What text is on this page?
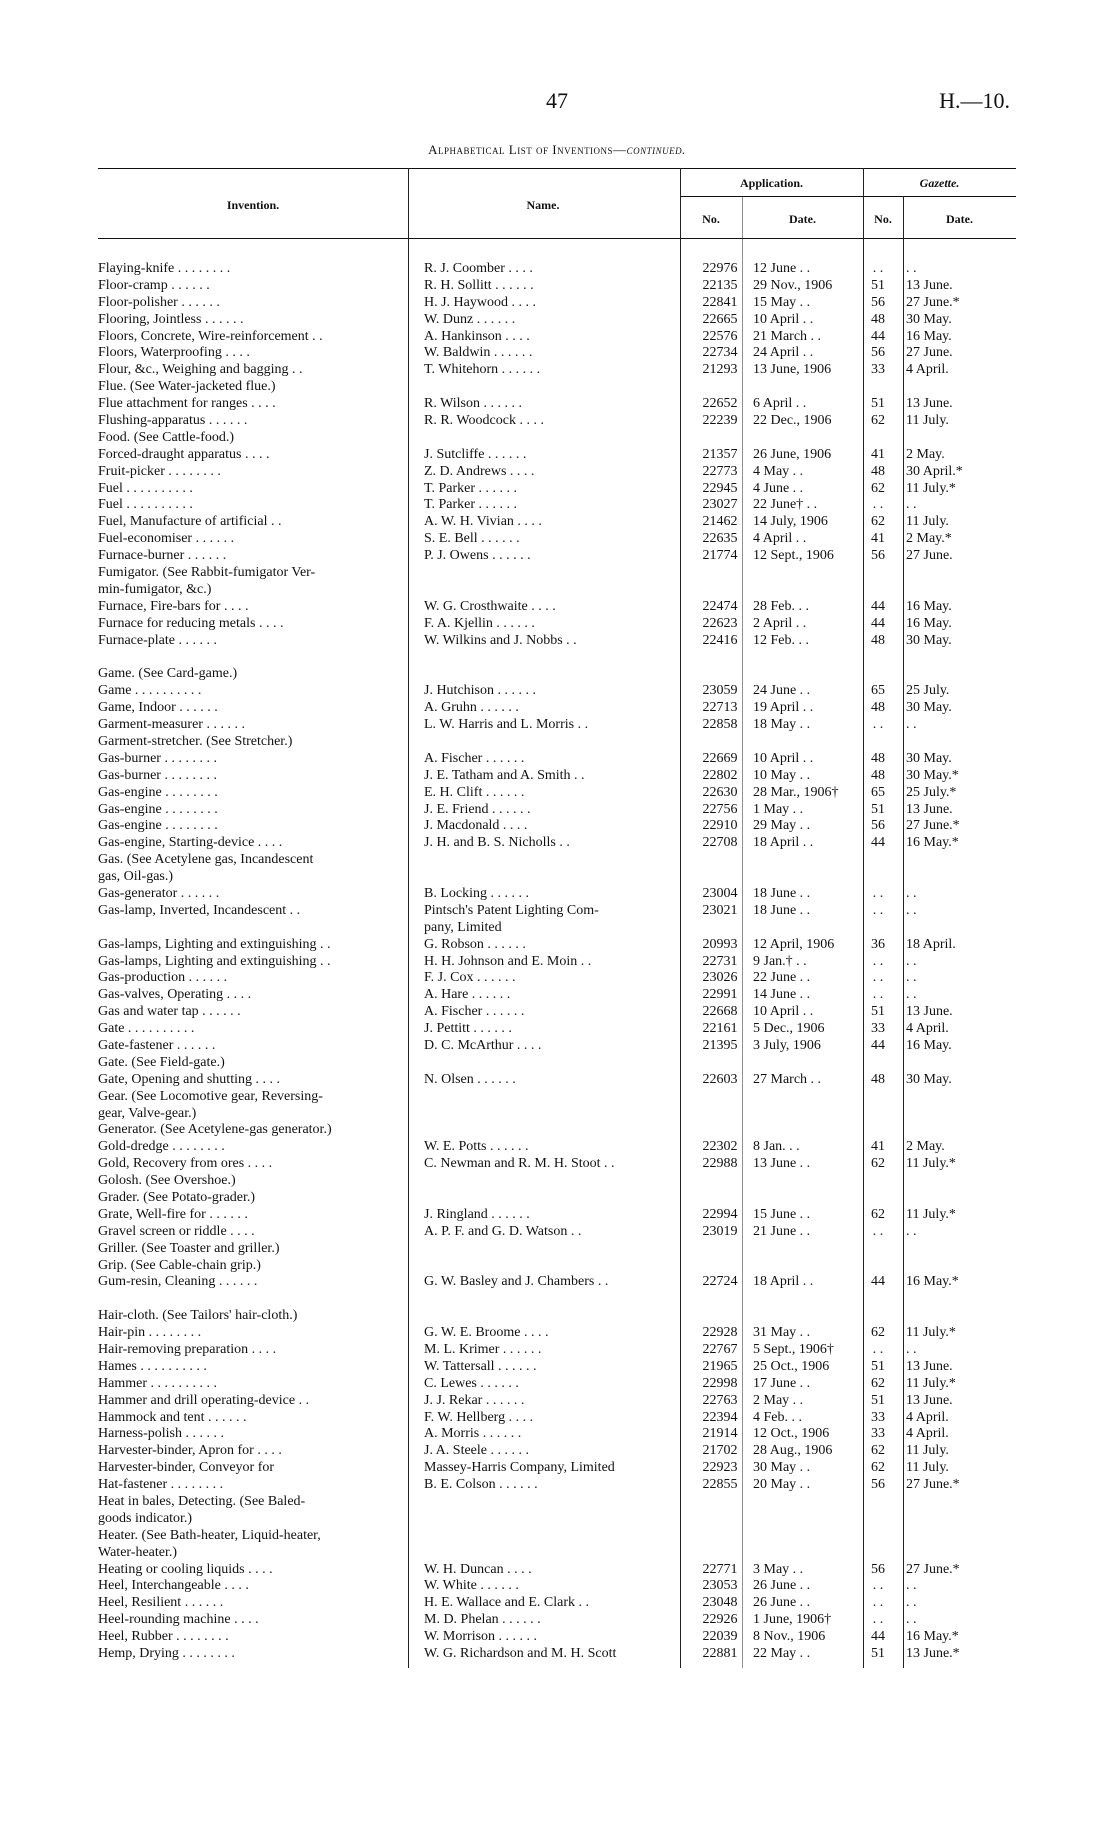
47	H.—10.
Alphabetical List of Inventions—continued.
Invention.	Name.
Application.
No.	Date.
Gazette.
No.	Date.
Flaying-knife . . . . . . . .	R. J. Coomber . . . .	22976	12 June . .	. .	. .
Floor-cramp . . . . . .	R. H. Sollitt . . . . . .	22135	29 Nov., 1906	51	13 June.
Floor-polisher . . . . . .	H. J. Haywood . . . .	22841	15 May . .	56	27 June.*
Flooring, Jointless . . . . . .	W. Dunz . . . . . .	22665	10 April . .	48	30 May.
Floors, Concrete, Wire-reinforcement . .	A. Hankinson . . . .	22576	21 March . .	44	16 May.
Floors, Waterproofing . . . .	W. Baldwin . . . . . .	22734	24 April . .	56	27 June.
Flour, &c., Weighing and bagging . .	T. Whitehorn . . . . . .	21293	13 June, 1906	33	4 April.
Flue. (See Water-jacketed flue.)
Flue attachment for ranges . . . .	R. Wilson . . . . . .	22652	6 April . .	51	13 June.
Flushing-apparatus . . . . . .	R. R. Woodcock . . . .	22239	22 Dec., 1906	62	11 July.
Food. (See Cattle-food.)
Forced-draught apparatus . . . .	J. Sutcliffe . . . . . .	21357	26 June, 1906	41	2 May.
Fruit-picker . . . . . . . .	Z. D. Andrews . . . .	22773	4 May . .	48	30 April.*
Fuel . . . . . . . . . .	T. Parker . . . . . .	22945	4 June . .	62	11 July.*
Fuel . . . . . . . . . .	T. Parker . . . . . .	23027	22 June† . .	. .	. .
Fuel, Manufacture of artificial . .	A. W. H. Vivian . . . .	21462	14 July, 1906	62	11 July.
Fuel-economiser . . . . . .	S. E. Bell . . . . . .	22635	4 April . .	41	2 May.*
Furnace-burner . . . . . .	P. J. Owens . . . . . .	21774	12 Sept., 1906	56	27 June.
Fumigator. (See Rabbit-fumigator Ver-
min-fumigator, &c.)
Furnace, Fire-bars for . . . .	W. G. Crosthwaite . . . .	22474	28 Feb. . .	44	16 May.
Furnace for reducing metals . . . .	F. A. Kjellin . . . . . .	22623	2 April . .	44	16 May.
Furnace-plate . . . . . .	W. Wilkins and J. Nobbs . .	22416	12 Feb. . .	48	30 May.
Game. (See Card-game.)
Game . . . . . . . . . .	J. Hutchison . . . . . .	23059	24 June . .	65	25 July.
Game, Indoor . . . . . .	A. Gruhn . . . . . .	22713	19 April . .	48	30 May.
Garment-measurer . . . . . .	L. W. Harris and L. Morris . .	22858	18 May . .	. .	. .
Garment-stretcher. (See Stretcher.)
Gas-burner . . . . . . . .	A. Fischer . . . . . .	22669	10 April . .	48	30 May.
Gas-burner . . . . . . . .	J. E. Tatham and A. Smith . .	22802	10 May . .	48	30 May.*
Gas-engine . . . . . . . .	E. H. Clift . . . . . .	22630	28 Mar., 1906†	65	25 July.*
Gas-engine . . . . . . . .	J. E. Friend . . . . . .	22756	1 May . .	51	13 June.
Gas-engine . . . . . . . .	J. Macdonald . . . .	22910	29 May . .	56	27 June.*
Gas-engine, Starting-device . . . .	J. H. and B. S. Nicholls . .	22708	18 April . .	44	16 May.*
Gas. (See Acetylene gas, Incandescent
gas, Oil-gas.)
Gas-generator . . . . . .	B. Locking . . . . . .	23004	18 June . .	. .	. .
Gas-lamp, Inverted, Incandescent . .	Pintsch's Patent Lighting Com-	23021	18 June . .	. .	. .
pany, Limited
Gas-lamps, Lighting and extinguishing . .	G. Robson . . . . . .	20993	12 April, 1906	36	18 April.
Gas-lamps, Lighting and extinguishing . .	H. H. Johnson and E. Moin . .	22731	9 Jan.† . .	. .	. .
Gas-production . . . . . .	F. J. Cox . . . . . .	23026	22 June . .	. .	. .
Gas-valves, Operating . . . .	A. Hare . . . . . .	22991	14 June . .	. .	. .
Gas and water tap . . . . . .	A. Fischer . . . . . .	22668	10 April . .	51	13 June.
Gate . . . . . . . . . .	J. Pettitt . . . . . .	22161	5 Dec., 1906	33	4 April.
Gate-fastener . . . . . .	D. C. McArthur . . . .	21395	3 July, 1906	44	16 May.
Gate. (See Field-gate.)
Gate, Opening and shutting . . . .	N. Olsen . . . . . .	22603	27 March . .	48	30 May.
Gear. (See Locomotive gear, Reversing-
gear, Valve-gear.)
Generator. (See Acetylene-gas generator.)
Gold-dredge . . . . . . . .	W. E. Potts . . . . . .	22302	8 Jan. . .	41	2 May.
Gold, Recovery from ores . . . .	C. Newman and R. M. H. Stoot . .	22988	13 June . .	62	11 July.*
Golosh. (See Overshoe.)
Grader. (See Potato-grader.)
Grate, Well-fire for . . . . . .	J. Ringland . . . . . .	22994	15 June . .	62	11 July.*
Gravel screen or riddle . . . .	A. P. F. and G. D. Watson . .	23019	21 June . .	. .	. .
Griller. (See Toaster and griller.)
Grip. (See Cable-chain grip.)
Gum-resin, Cleaning . . . . . .	G. W. Basley and J. Chambers . .	22724	18 April . .	44	16 May.*
Hair-cloth. (See Tailors' hair-cloth.)
Hair-pin . . . . . . . .	G. W. E. Broome . . . .	22928	31 May . .	62	11 July.*
Hair-removing preparation . . . .	M. L. Krimer . . . . . .	22767	5 Sept., 1906†	. .	. .
Hames . . . . . . . . . .	W. Tattersall . . . . . .	21965	25 Oct., 1906	51	13 June.
Hammer . . . . . . . . . .	C. Lewes . . . . . .	22998	17 June . .	62	11 July.*
Hammer and drill operating-device . .	J. J. Rekar . . . . . .	22763	2 May . .	51	13 June.
Hammock and tent . . . . . .	F. W. Hellberg . . . .	22394	4 Feb. . .	33	4 April.
Harness-polish . . . . . .	A. Morris . . . . . .	21914	12 Oct., 1906	33	4 April.
Harvester-binder, Apron for . . . .	J. A. Steele . . . . . .	21702	28 Aug., 1906	62	11 July.
Harvester-binder, Conveyor for	Massey-Harris Company, Limited	22923	30 May . .	62	11 July.
Hat-fastener . . . . . . . .	B. E. Colson . . . . . .	22855	20 May . .	56	27 June.*
Heat in bales, Detecting. (See Baled-
goods indicator.)
Heater. (See Bath-heater, Liquid-heater,
Water-heater.)
Heating or cooling liquids . . . .	W. H. Duncan . . . .	22771	3 May . .	56	27 June.*
Heel, Interchangeable . . . .	W. White . . . . . .	23053	26 June . .	. .	. .
Heel, Resilient . . . . . .	H. E. Wallace and E. Clark . .	23048	26 June . .	. .	. .
Heel-rounding machine . . . .	M. D. Phelan . . . . . .	22926	1 June, 1906†	. .	. .
Heel, Rubber . . . . . . . .	W. Morrison . . . . . .	22039	8 Nov., 1906	44	16 May.*
Hemp, Drying . . . . . . . .	W. G. Richardson and M. H. Scott	22881	22 May . .	51	13 June.*
